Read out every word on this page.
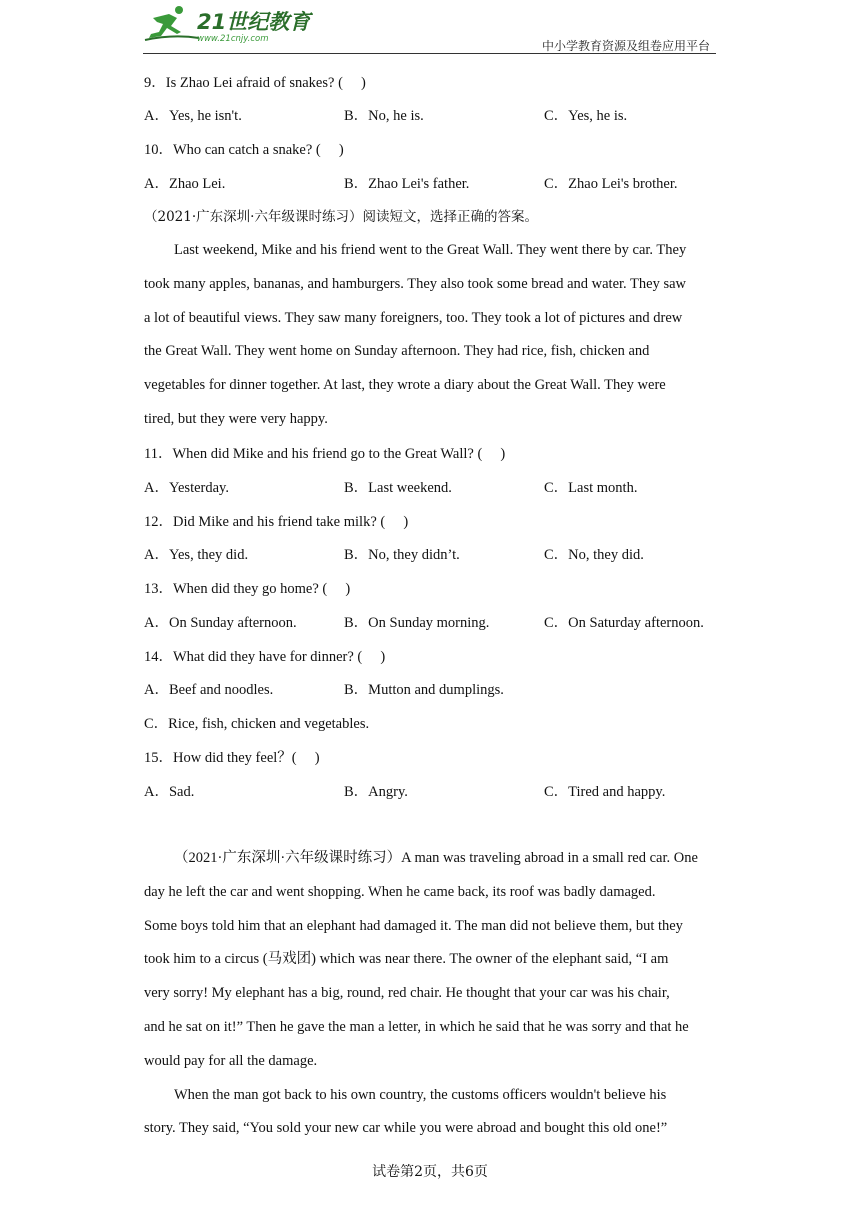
21世纪教育
www.21cnjy.com	中小学教育资源及组卷应用平台
9．Is Zhao Lei afraid of snakes? (　 )
A．Yes, he isn't.	B．No, he is.	C．Yes, he is.
10．Who can catch a snake? (　 )
A．Zhao Lei.	B．Zhao Lei's father.	C．Zhao Lei's brother.
（2021·广东深圳·六年级课时练习）阅读短文，选择正确的答案。
Last weekend, Mike and his friend went to the Great Wall. They went there by car. They
took many apples, bananas, and hamburgers. They also took some bread and water. They saw
a lot of beautiful views. They saw many foreigners, too. They took a lot of pictures and drew
the Great Wall. They went home on Sunday afternoon. They had rice, fish, chicken and
vegetables for dinner together. At last, they wrote a diary about the Great Wall. They were
tired, but they were very happy.
11．When did Mike and his friend go to the Great Wall? (　 )
A．Yesterday.	B．Last weekend.	C．Last month.
12．Did Mike and his friend take milk? (　 )
A．Yes, they did.	B．No, they didn’t.	C．No, they did.
13．When did they go home? (　 )
A．On Sunday afternoon.	B．On Sunday morning.	C．On Saturday afternoon.
14．What did they have for dinner? (　 )
A．Beef and noodles.	B．Mutton and dumplings.
C．Rice, fish, chicken and vegetables.
15．How did they feel？(　 )
A．Sad.	B．Angry.	C．Tired and happy.
（2021·广东深圳·六年级课时练习）A man was traveling abroad in a small red car. One
day he left the car and went shopping. When he came back, its roof was badly damaged.
Some boys told him that an elephant had damaged it. The man did not believe them, but they
took him to a circus (马戏团) which was near there. The owner of the elephant said, “I am
very sorry! My elephant has a big, round, red chair. He thought that your car was his chair,
and he sat on it!” Then he gave the man a letter, in which he said that he was sorry and that he
would pay for all the damage.
When the man got back to his own country, the customs officers wouldn't believe his
story. They said, “You sold your new car while you were abroad and bought this old one!”
试卷第2页，共6页
